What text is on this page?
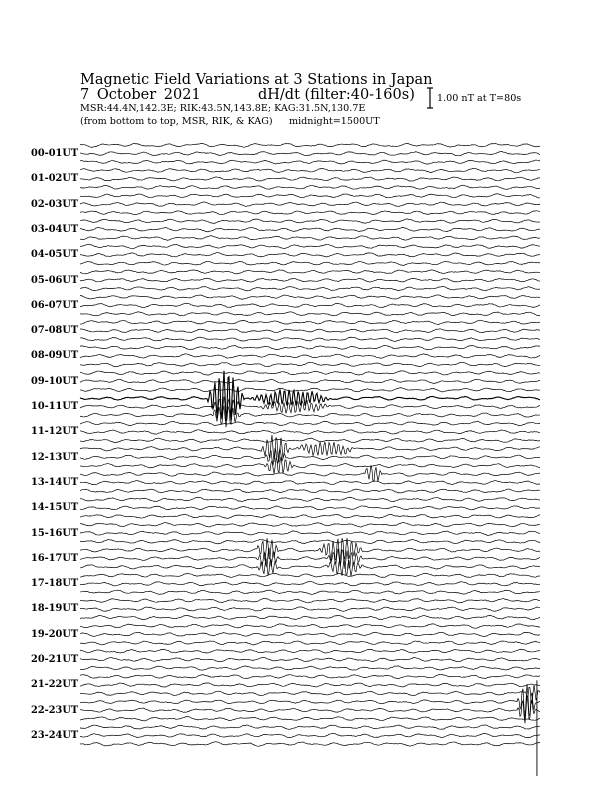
Magnetic Field Variations at 3 Stations in Japan
7 October 2021	dH/dt (filter:40-160s)
MSR:44.4N,142.3E; RIK:43.5N,143.8E; KAG:31.5N,130.7E
(from bottom to top, MSR, RIK, & KAG) midnight=1500UT
1.00 nT at T=80s
00-01UT
01-02UT
02-03UT
03-04UT
04-05UT
05-06UT
06-07UT
07-08UT
08-09UT
09-10UT
10-11UT
11-12UT
12-13UT
13-14UT
14-15UT
15-16UT
16-17UT
17-18UT
18-19UT
19-20UT
20-21UT
21-22UT
22-23UT
23-24UT
